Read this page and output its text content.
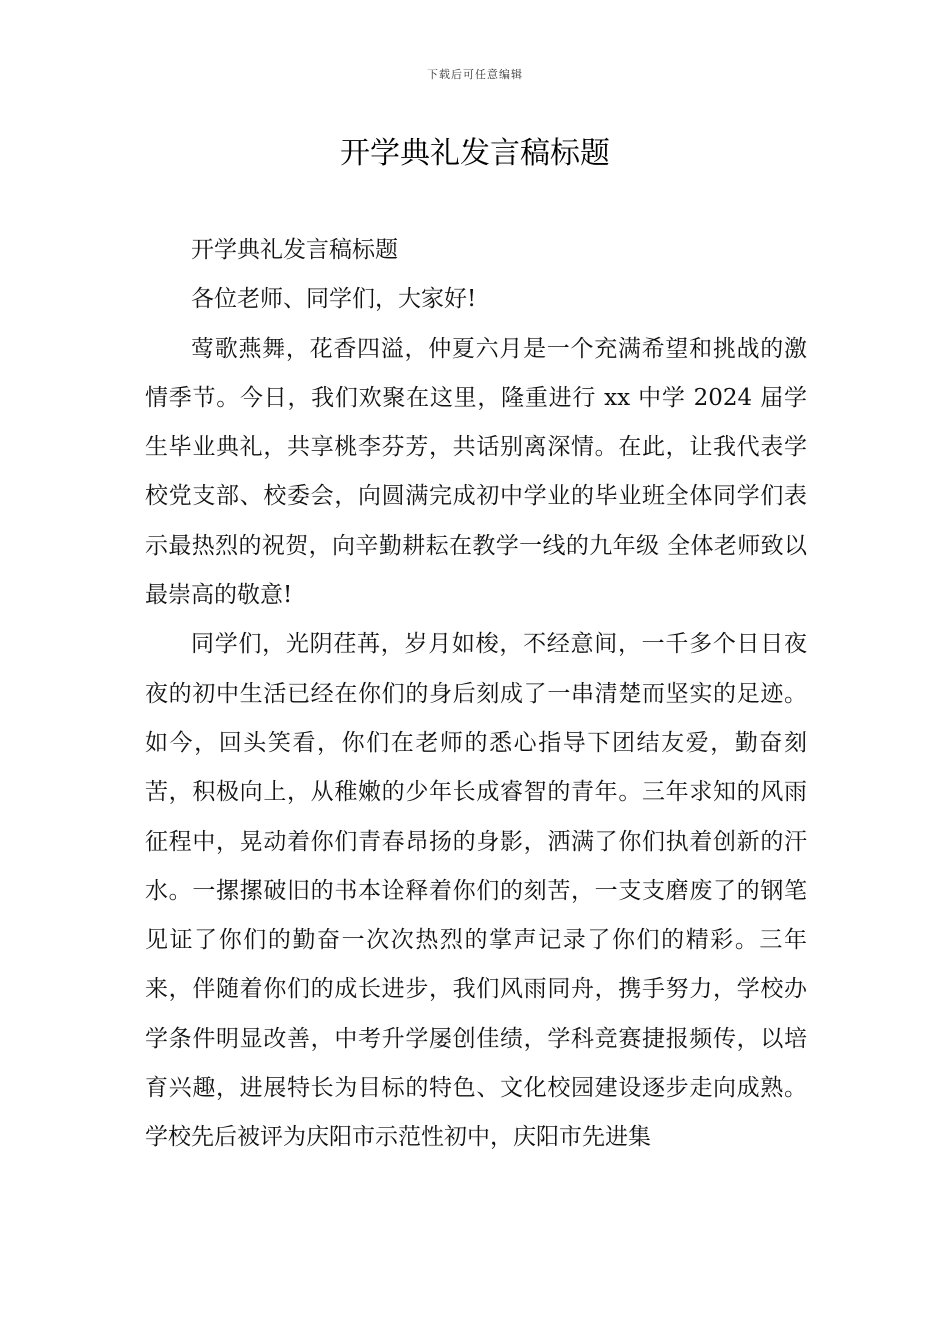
下载后可任意编辑
开学典礼发言稿标题

开学典礼发言稿标题

各位老师、同学们，大家好!

莺歌燕舞，花香四溢，仲夏六月是一个充满希望和挑战的激情季节。今日，我们欢聚在这里，隆重进行 xx 中学 2024 届学生毕业典礼，共享桃李芬芳，共话别离深情。在此，让我代表学校党支部、校委会，向圆满完成初中学业的毕业班全体同学们表示最热烈的祝贺，向辛勤耕耘在教学一线的九年级 全体老师致以最崇高的敬意!

同学们，光阴荏苒，岁月如梭，不经意间，一千多个日日夜夜的初中生活已经在你们的身后刻成了一串清楚而坚实的足迹。如今，回头笑看，你们在老师的悉心指导下团结友爱，勤奋刻苦，积极向上，从稚嫩的少年长成睿智的青年。三年求知的风雨征程中，晃动着你们青春昂扬的身影，洒满了你们执着创新的汗水。一摞摞破旧的书本诠释着你们的刻苦，一支支磨废了的钢笔见证了你们的勤奋一次次热烈的掌声记录了你们的精彩。三年来，伴随着你们的成长进步，我们风雨同舟，携手努力，学校办学条件明显改善，中考升学屡创佳绩，学科竞赛捷报频传，以培育兴趣，进展特长为目标的特色、文化校园建设逐步走向成熟。学校先后被评为庆阳市示范性初中，庆阳市先进集
